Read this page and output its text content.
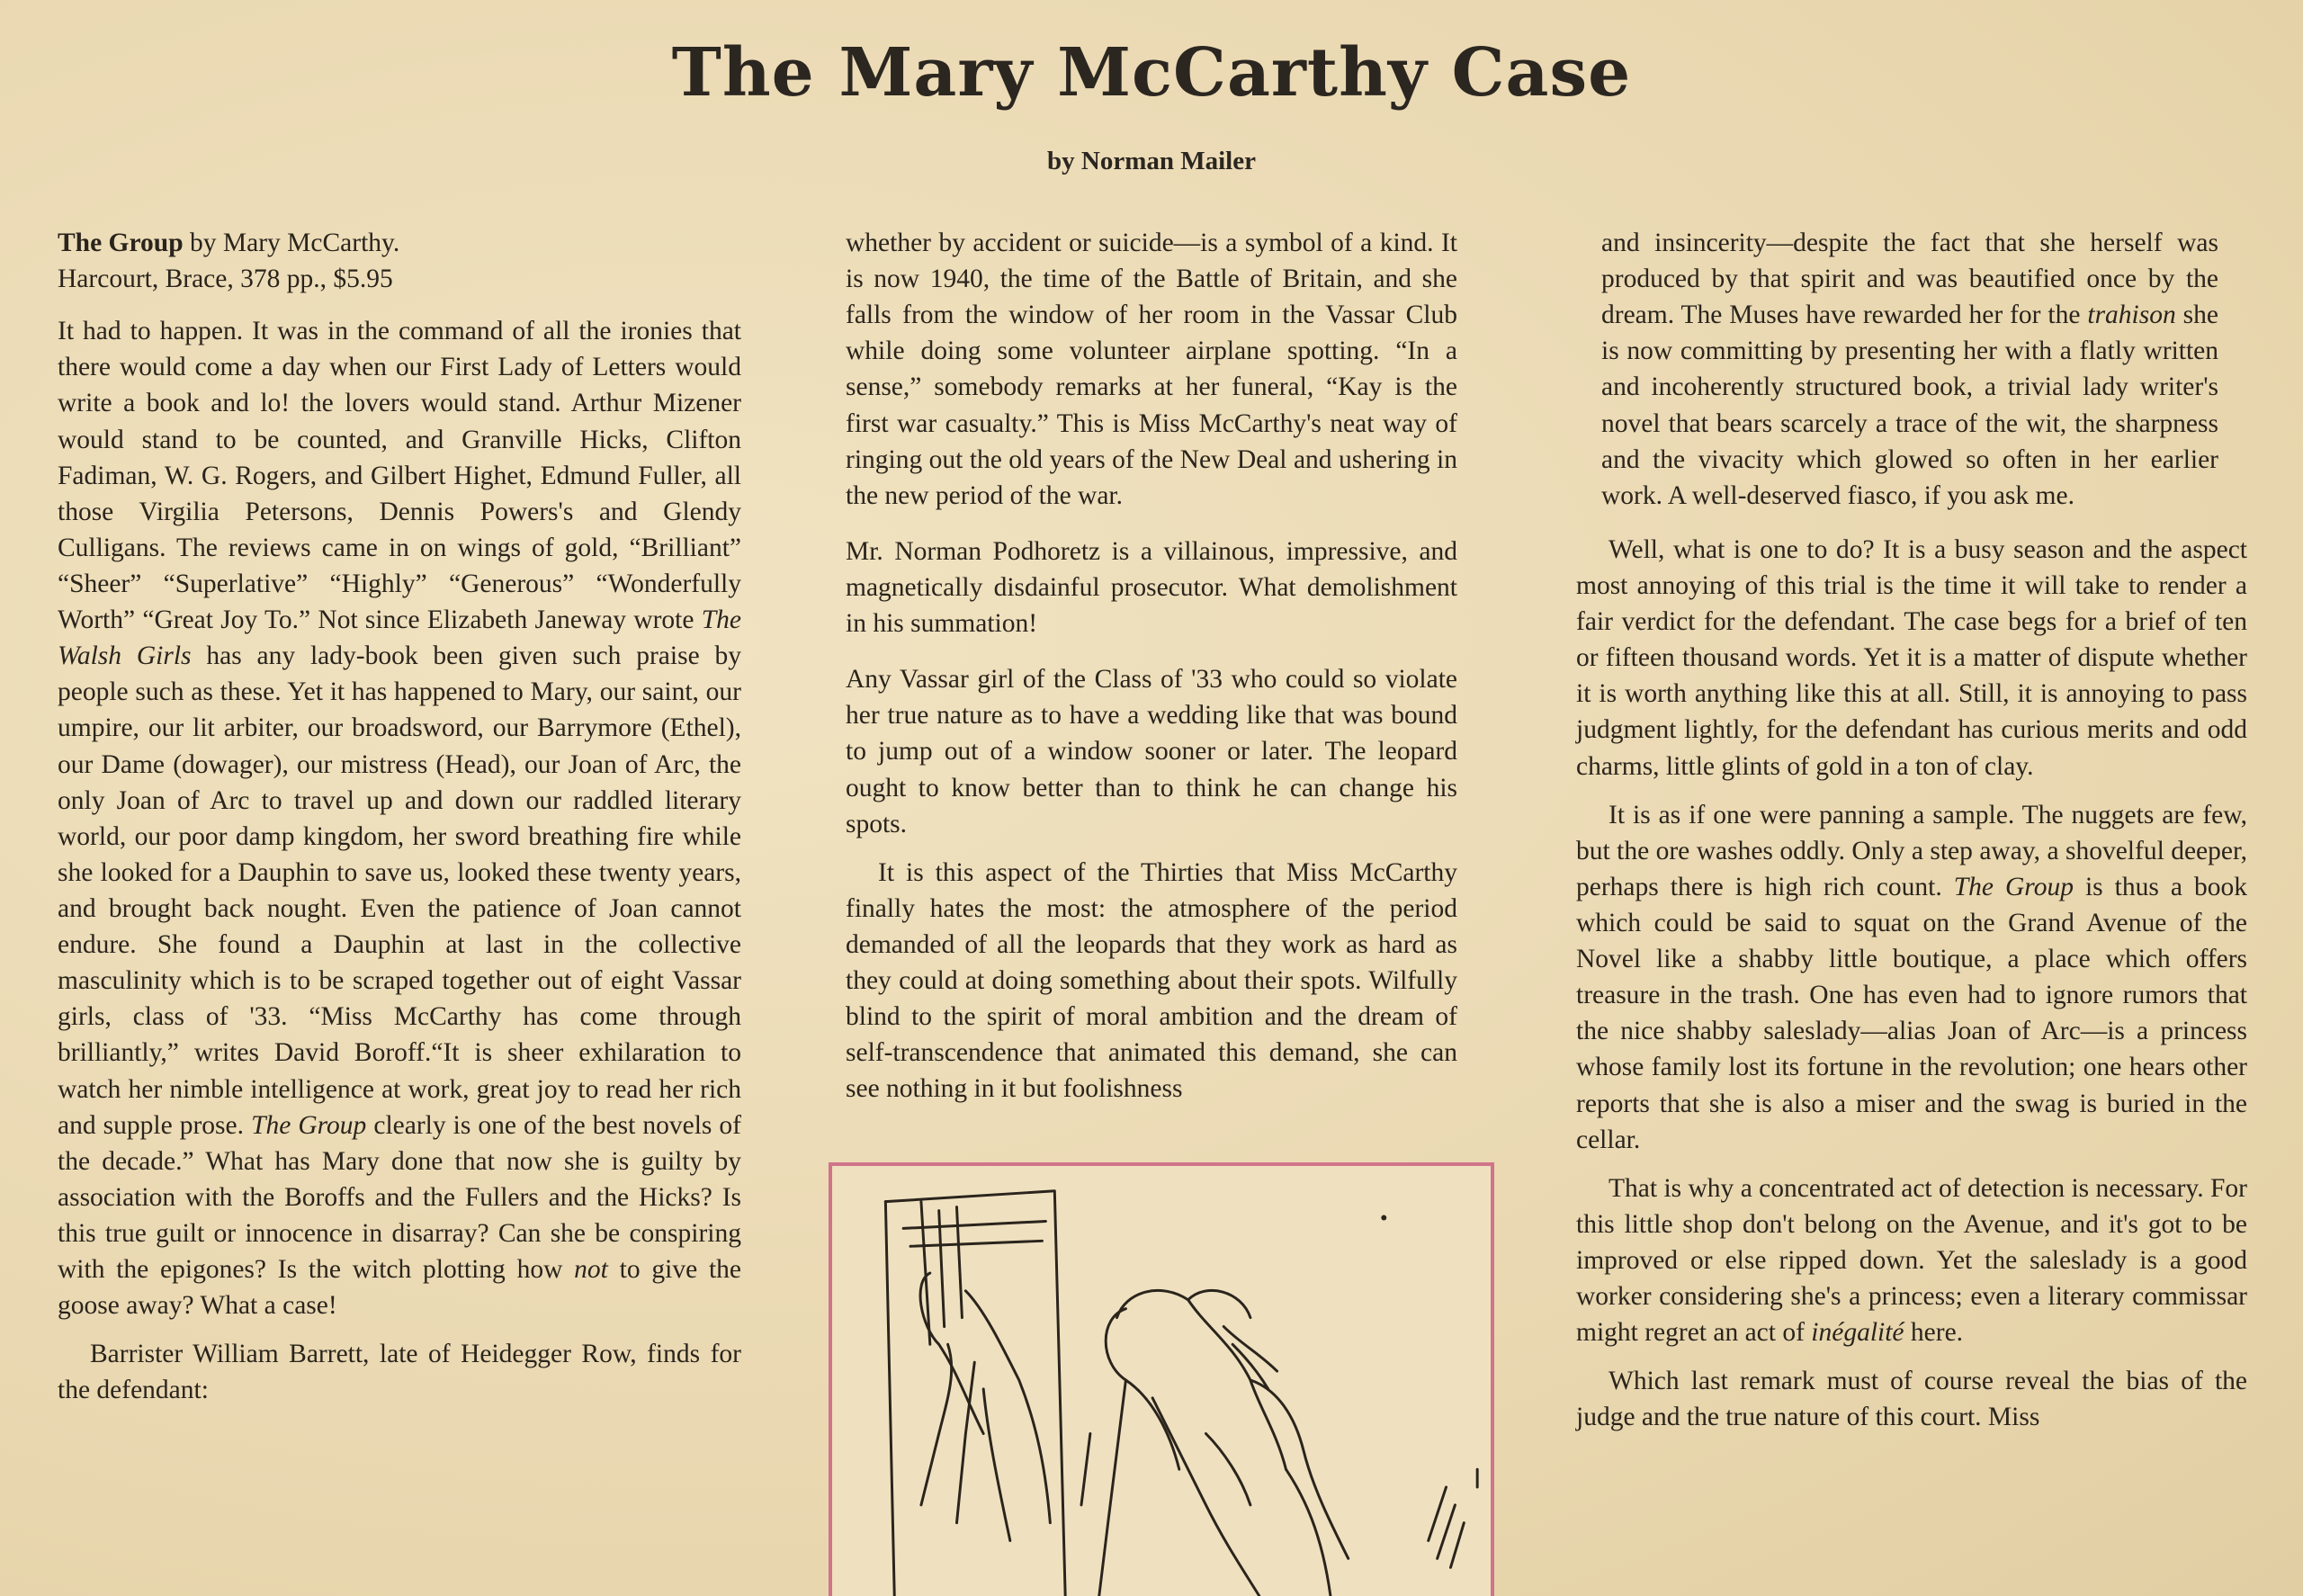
The Mary McCarthy Case
by Norman Mailer

The Group by Mary McCarthy.
Harcourt, Brace, 378 pp., $5.95

It had to happen. It was in the command of all the ironies that there would come a day when our First Lady of Letters would write a book and lo! the lovers would stand. Arthur Mizener would stand to be counted, and Granville Hicks, Clifton Fadiman, W. G. Rogers, and Gilbert Highet, Edmund Fuller, all those Virgilia Petersons, Dennis Powers's and Glendy Culligans. The reviews came in on wings of gold, “Brilliant” “Sheer” “Superlative” “Highly” “Generous” “Wonderfully Worth” “Great Joy To.” Not since Elizabeth Janeway wrote The Walsh Girls has any lady-book been given such praise by people such as these. Yet it has happened to Mary, our saint, our umpire, our lit arbiter, our broadsword, our Barrymore (Ethel), our Dame (dowager), our mistress (Head), our Joan of Arc, the only Joan of Arc to travel up and down our raddled literary world, our poor damp kingdom, her sword breathing fire while she looked for a Dauphin to save us, looked these twenty years, and brought back nought. Even the patience of Joan cannot endure. She found a Dauphin at last in the collective masculinity which is to be scraped together out of eight Vassar girls, class of '33. “Miss McCarthy has come through brilliantly,” writes David Boroff.“It is sheer exhilaration to watch her nimble intelligence at work, great joy to read her rich and supple prose. The Group clearly is one of the best novels of the decade.” What has Mary done that now she is guilty by association with the Boroffs and the Fullers and the Hicks? Is this true guilt or innocence in disarray? Can she be conspiring with the epigones? Is the witch plotting how not to give the goose away? What a case!

Barrister William Barrett, late of Heidegger Row, finds for the defendant:

whether by accident or suicide—is a symbol of a kind. It is now 1940, the time of the Battle of Britain, and she falls from the window of her room in the Vassar Club while doing some volunteer airplane spotting. “In a sense,” somebody remarks at her funeral, “Kay is the first war casualty.” This is Miss McCarthy's neat way of ringing out the old years of the New Deal and ushering in the new period of the war.

Mr. Norman Podhoretz is a villainous, impressive, and magnetically disdainful prosecutor. What demolishment in his summation!

Any Vassar girl of the Class of '33 who could so violate her true nature as to have a wedding like that was bound to jump out of a window sooner or later. The leopard ought to know better than to think he can change his spots.

It is this aspect of the Thirties that Miss McCarthy finally hates the most: the atmosphere of the period demanded of all the leopards that they work as hard as they could at doing something about their spots. Wilfully blind to the spirit of moral ambition and the dream of self-transcendence that animated this demand, she can see nothing in it but foolishness

and insincerity—despite the fact that she herself was produced by that spirit and was beautified once by the dream. The Muses have rewarded her for the trahison she is now committing by presenting her with a flatly written and incoherently structured book, a trivial lady writer's novel that bears scarcely a trace of the wit, the sharpness and the vivacity which glowed so often in her earlier work. A well-deserved fiasco, if you ask me.

Well, what is one to do? It is a busy season and the aspect most annoying of this trial is the time it will take to render a fair verdict for the defendant. The case begs for a brief of ten or fifteen thousand words. Yet it is a matter of dispute whether it is worth anything like this at all. Still, it is annoying to pass judgment lightly, for the defendant has curious merits and odd charms, little glints of gold in a ton of clay.

It is as if one were panning a sample. The nuggets are few, but the ore washes oddly. Only a step away, a shovelful deeper, perhaps there is high rich count. The Group is thus a book which could be said to squat on the Grand Avenue of the Novel like a shabby little boutique, a place which offers treasure in the trash. One has even had to ignore rumors that the nice shabby saleslady—alias Joan of Arc—is a princess whose family lost its fortune in the revolution; one hears other reports that she is also a miser and the swag is buried in the cellar.

That is why a concentrated act of detection is necessary. For this little shop don't belong on the Avenue, and it's got to be improved or else ripped down. Yet the saleslady is a good worker considering she's a princess; even a literary commissar might regret an act of inégalité here.

Which last remark must of course reveal the bias of the judge and the true nature of this court. Miss
